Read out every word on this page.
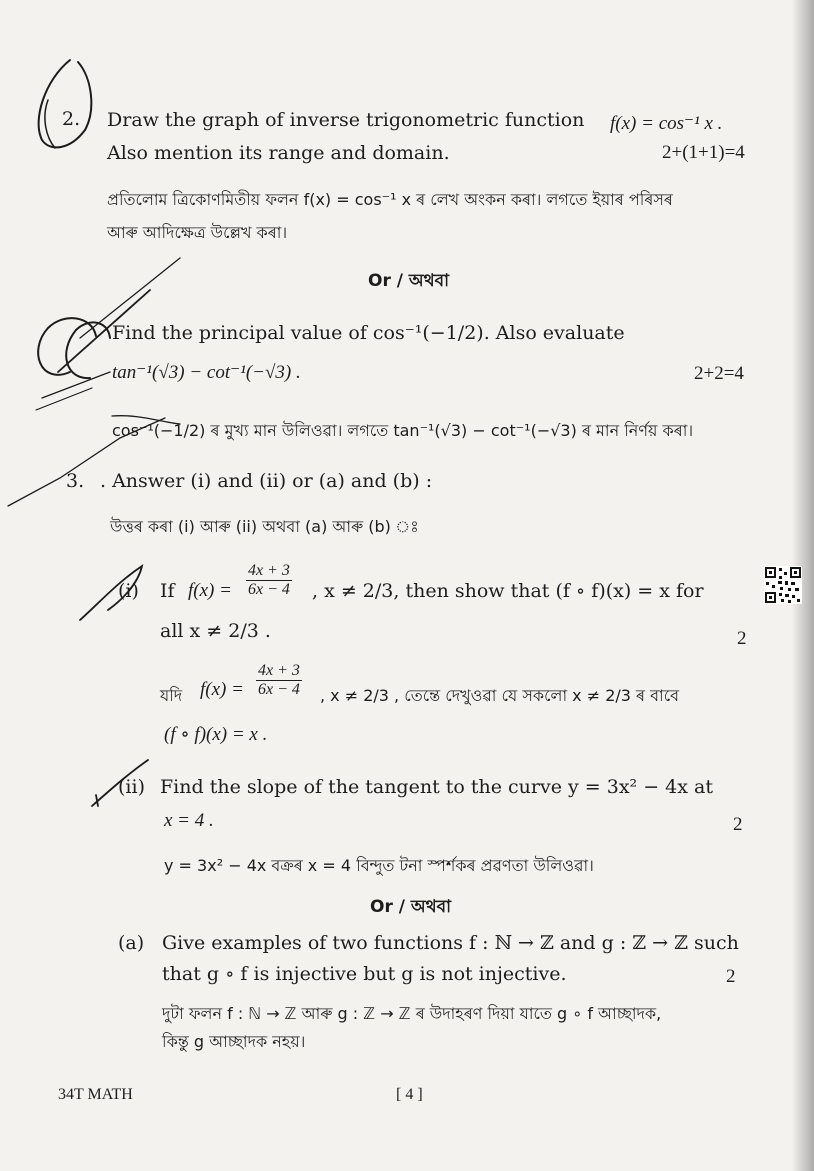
2. Draw the graph of inverse trigonometric function f(x) = cos⁻¹ x .
Also mention its range and domain.	2+(1+1)=4
প্রতিলোম ত্রিকোণমিতীয় ফলন f(x) = cos⁻¹ x ৰ লেখ অংকন কৰা। লগতে ইয়াৰ পৰিসৰ
আৰু আদিক্ষেত্ৰ উল্লেখ কৰা।
Or / অথবা
Find the principal value of cos⁻¹(−1/2). Also evaluate
tan⁻¹(√3) − cot⁻¹(−√3) .	2+2=4
cos⁻¹(−1/2) ৰ মুখ্য মান উলিওৱা। লগতে tan⁻¹(√3) − cot⁻¹(−√3) ৰ মান নিৰ্ণয় কৰা।
3. . Answer (i) and (ii) or (a) and (b) :
উত্তৰ কৰা (i) আৰু (ii) অথবা (a) আৰু (b) ঃ
(i) If $f(x) = \frac{4x + 3}{6x - 4}$ , x ≠ 2/3, then show that (f ∘ f)(x) = x for
all x ≠ 2/3 .	2
যদি $f(x) = \frac{4x + 3}{6x - 4}$ , x ≠ 2/3 , তেন্তে দেখুওৱা যে সকলো x ≠ 2/3 ৰ বাবে
(f ∘ f)(x) = x .
(ii) Find the slope of the tangent to the curve y = 3x² − 4x at
x = 4 .	2
y = 3x² − 4x বক্ৰৰ x = 4 বিন্দুত টনা স্পৰ্শকৰ প্ৰৱণতা উলিওৱা।
Or / অথবা
(a) Give examples of two functions f : ℕ → ℤ and g : ℤ → ℤ such
that g ∘ f is injective but g is not injective.	2
দুটা ফলন f : ℕ → ℤ আৰু g : ℤ → ℤ ৰ উদাহৰণ দিয়া যাতে g ∘ f আচ্ছাদক,
কিন্তু g আচ্ছাদক নহয়।
34T MATH	[ 4 ]
